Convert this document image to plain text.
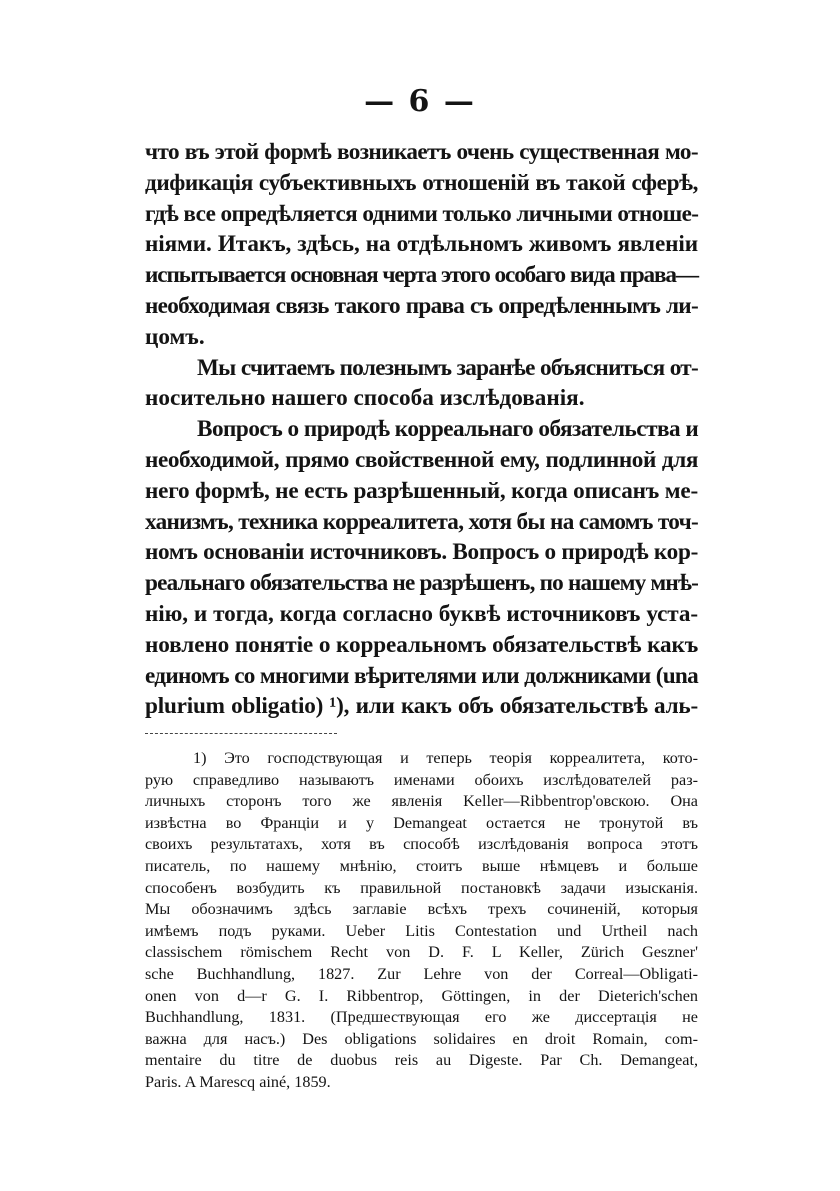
— 6 —
что въ этой формѣ возникаетъ очень существенная мо-
дификація субъективныхъ отношеній въ такой сферѣ,
гдѣ все опредѣляется одними только личными отноше-
ніями. Итакъ, здѣсь, на отдѣльномъ живомъ явленіи
испытывается основная черта этого особаго вида права—
необходимая связь такого права съ опредѣленнымъ ли-
цомъ.
Мы считаемъ полезнымъ заранѣе объясниться от-
носительно нашего способа изслѣдованія.
Вопросъ о природѣ корреальнаго обязательства и
необходимой, прямо свойственной ему, подлинной для
него формѣ, не есть разрѣшенный, когда описанъ ме-
ханизмъ, техника корреалитета, хотя бы на самомъ точ-
номъ основаніи источниковъ. Вопросъ о природѣ кор-
реальнаго обязательства не разрѣшенъ, по нашему мнѣ-
нію, и тогда, когда согласно буквѣ источниковъ уста-
новлено понятіе о корреальномъ обязательствѣ какъ
единомъ со многими вѣрителями или должниками (una
plurium obligatio) ¹), или какъ объ обязательствѣ аль-
1) Это господствующая и теперь теорія корреалитета, кото-
рую справедливо называютъ именами обоихъ изслѣдователей раз-
личныхъ сторонъ того же явленія Keller—Ribbentrop'овскою. Она
извѣстна во Франціи и у Demangeat остается не тронутой въ
своихъ результатахъ, хотя въ способѣ изслѣдованія вопроса этотъ
писатель, по нашему мнѣнію, стоитъ выше нѣмцевъ и больше
способенъ возбудить къ правильной постановкѣ задачи изысканія.
Мы обозначимъ здѣсь заглавіе всѣхъ трехъ сочиненій, которыя
имѣемъ подъ руками. Ueber Litis Contestation und Urtheil nach
classischem römischem Recht von D. F. L Keller, Zürich Geszner'
sche Buchhandlung, 1827. Zur Lehre von der Correal—Obligati-
onen von d—r G. I. Ribbentrop, Göttingen, in der Dieterich'schen
Buchhandlung, 1831. (Предшествующая его же диссертація не
важна для насъ.) Des obligations solidaires en droit Romain, com-
mentaire du titre de duobus reis au Digeste. Par Ch. Demangeat,
Paris. A Marescq ainé, 1859.
